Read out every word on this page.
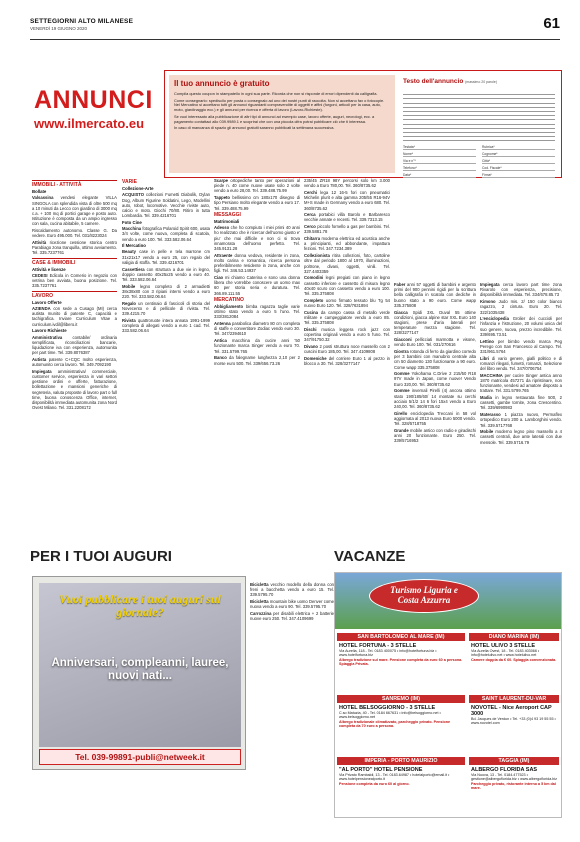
SETTEGIORNI ALTO MILANESE
VENERDÌ 19 GIUGNO 2020	61
ANNUNCI
www.ilmercato.eu
Il tuo annuncio è gratuito

Compila questo coupon in stampatello in ogni sua parte. Ricorda che non si risponde di errori dipendenti da calligrafia.

Come consegnarlo: spediscilo per posta o consegnalo ad uno dei nostri punti di raccolta. Non si accettano fax o fotocopie. Nel Mercatino si accettano tutti gli annunci riguardanti compravendite di oggetti e affini (furgoni, articoli per la casa, auto, moto, giardinaggio ecc.) e gli annunci per ricerca e offerta di lavoro (Lavoro-Richieste).

Se vuoi interessato alla pubblicazione di altri tipi di annunci ad esempio case, lavoro offerte, auguri, necrologi, ecc. a pagamento contattaci allo 039.9989.1 e scoprirai che con una piccola cifra potrai pubblicare ciò che ti interessa.

In caso di mancanza di spazio gli annunci gratuiti saranno pubblicati la settimana successiva.

Testo dell'annuncio (massimo 20 parole)
Testata*	Rubrica*
Nome*	Cognome*
Via e n°*	Città*
Telefono*	Cod. Fiscale*
Data*	Firma*
IMMOBILI - ATTIVITÀ
Bollate
Valsassina vendesi elegante VILLA SINGOLA con splendida vista di oltre 500 mq a 10 minuti da Lecco con giardino di 3000 mq c.a. + 100 mq di portici garage e posto auto. Istituzione è composta da un ampio ingresso con sala, cucina abitabile, 5 camere.
Riscaldamento autonomo. Classe G. Da vedere. Euro 495.000. Tel. 031/8223024
Attività ricezione cessione storica centro Parabiago zona tranquilla, ottimo avviamento. Tel. 335.7237761
CASE & IMMOBILI
Attività e licenze
CEDESI Edicola in Comerio in negozio con vetrina ben avviata, buona posizione. Tel. 335.7237761
LAVORO
Lavoro Offerte
AZIENDA con sede a Cusago (MI) cerca autista munito di patente C, capacità e tachigrafica. Inviare Curriculum Vitae a curriculum.ivdil@libero.it
Lavoro Richieste
Amministrativa contabile/ ordinaria semplificata, riconciliazioni bancarie, liquidazione iva con esperienza, automunita per part time. Tel. 339.8076387
Autista patente C+CQC molto esperienza, automunito cerca lavoro. Tel. 349.7092190
Impiegata amministrativa/ commerciale, customer service, esperienza in vari settori gestione ordini e offerte, fatturazione, bollettazione e mansioni generiche di segreteria, valuta proposte di lavoro part o full time, buona conoscenza Office, internet, disponibilità immediata automunita zona Nord Ovest Milano. Tel. 331.2208172
VARIE
Collezione-Arte
ACQUISTO collezioni Fumetti Diabolik, Dylan Dog, Album Figurine Soldatini, Lego, Modellini auto, robot, locomotive. Vecchie riviste auto, calcio e moto. Giochi 70/80. Ritiro in tutta Lombardia. Tel. 339.4216701
Foto Cine
Macchina fotografica Polaroid Spirit 600, usata 3/4 volte, come nuova, completa di scatola, vendo a euro 100. Tel. 333.582.06.64
Il Mercatino
Beauty case in pelle e tela marrone cm 31x21x17 vendo a euro 25, con regalo del valigia di stoffa. Tel. 339.4216701
Cassettiera con struttura a due vie in legno, doppio cassetto 40x25x25 vendo a euro 40. Tel. 333.582.06.64
Mobile legno completo di 2 armadietti 38x38x80 con 3 ripiani interni vendo a euro 220. Tel. 333.582.06.64
Regalo un centinaio di fascicoli di storia del Novecento e di pellicole di rivista. Tel. 339.4215.70
Rivista quattroruote intera annata 1991-1999 completa di allegati vendo a euro 1 cad. Tel. 333.582.06.64
Scarpe ortopediche tanto per operazioni al piede n. 40 come nuove usate solo 2 volte vendo a euro 28,00. Tel. 339.488.75.99
Tappeto bellissimo cm 180x170 disegno di tipo Persiano molto elegante vendo a euro 17. Tel. 339.488.75.99
MESSAGGI
Matrimoniali
Adesso che ho compiuto i miei primi 40 anni ho realizzato che è ricercar dell'uomo giusto e' piu' che mai difficile e non ci si trova innamorata dell'uomo perfetto. Tel. 345.9131.28
Attraente donna vedova, residente in zona, molto carina e romantica, ricerca persona preferibilmente residente in zona, anche con figli. Tel. 346.53.14937
Ciao mi chiamo Caterina e sono una donna libera che vorrebbe conoscere un uomo max 60 per storia seria e duratura. Tel. 366.89.111.55
MERCATINO
Abbigliamento bimba ragazza taglie varie ottimo stato vendo a euro 5 l'uno. Tel. 333/3812084
Antenna parabolica diametro 80 cm completa di staffe e convertitore Zodiac vendo euro 30. Tel. 347/2394610
Antica macchina da cucire anni '50 funzionante marca Singer vendo a euro 70. Tel. 331.5799.765
Banco da falegname lunghezza 2,10 per 2 morse euro 500. Tel. 339/656.73.26
Bicicletta vecchio modello della donna con freni a bacchetta vendo a euro 15. Tel. 339.5795.70
Bicicletta mountain bike uomo Denver come nuova vendo a euro 90. Tel. 339.5795.70
Carrozzina per disabili elettrica + 2 batterie nuove euro 250. Tel. 347.4109699
235/45 ZR18 98Y percorsi solo km 3.000 vendo a Euro 780,00. Tel. 360/8735.62
Cerchi lega 12 16-5 fori con pneumatici Michelin plurit e alta gamma 205/55 R16-94V M+S made in Germany vendo a euro 680. Tel. 360/8735.62
Cerca portabici villa Barolo e Barbaresco vecchie annate e recenti. Tel. 339.7313.15
Cerco piccolo fornello a gas per bambini. Tel. 339.5881.78
Chitarra moderna elettrica ed acustica anche a principianti, ed abbondante, impattura fezioni. Tel. 347.7234.389
Collezionista ritira collezioni, foto, cartoline oltre dal periodo 1800 al 1970, illuminazioni, poltrone, divani, oggetti, vinili. Tel. 327.4403359
Comodini legni pregiati con piano in legno cassetto inferiore e cassetto di misura legno 40x40 scuro con cassetto vendo a euro 100. Tel. 335.375808
Completo uomo firmato tessuto blu Tg 54 nuovo Euro 120. Tel. 328/7631894
Cucina da campo cassa di metallo verde militare e campeggiatore vendo a euro 85. Tel. 335.375808
Dischi musica leggera rock jazz con copertina originali vendo a euro 5 l'uno. Tel. 347/91750.32
Divano 2 posti struttura noce massello con 2 cuscini Euro 185,00. Tel. 347.4109808
Domeniche del corriere Euro 1 al pezzo in blocco a 30. Tel. 328/3277147
Faber anni 57 oggetti di bambini e argento primi del 900 pennini rigidi per la scrittura bella calligrafia in scatola con dediche in buono stato a 90 euro. Come wapp 335.375808
Giacca Spidi 3XL Duval 55 ottime condizioni, giacca alpine star XXL Euro 140 stagioni, prese d'aria laterali per temperature mezza stagione. Tel. 328/3277147
Giacconi pellicciati marmotta e visone, vendo Euro 100. Tel. 031/270616
Giostra rotonda di ferro da giardino corredo per 3 bambini con manubrio centrale alta cm 50 diametro 130 funzionante a 90 euro. Come wapp 335.375808
Gomme Yokohama C.Drive 2 215/50 R18 97V made in Japan, come nuove! Vendo Euro 320,00. Tel. 360/8735.62
Gomme invernali Pirelli (4) ancora ottimo stato 190/185/60/ 14 montate su cerchi acciaio 5/1/2 14 6 fori 15x4 vendo a Euro 240,00. Tel. 360/8735.62
Girello enciclopedia Treccani in 58 vol aggiornata al 2013 nuova Euro 5000 vendo. Tel. 328/5718755
Grande mobile antico con radio e giradischi anni 20 funzionante. Euro 250. Tel. 339/5716953
Impiegata cerca lavoro part time zona Rivarolo con esperienza, precisione, disponibilità immediata. Tel. 334/678.85.73
Kimono Judo mis. 2/ 150 color bianco ragazzo, 2 cintura. Euro 20. Tel. 322/1035438
L'enciclopedia Grolier dei cuccioli per l'infanzia e l'istruzione, 20 volumi unica del suo genere, nuova, prezzo incredibile. Tel. 339/695.73.51
Lettino per bimbo vendo marca Peg Perego con San Francesco al Campo. Tel. 331/961.5764
Libri di vario genere, gialli politico e di romanzi rilegati, fumetti, romanzi, Selezione del libro vendo. Tel. 347/0706754
MACCHINA per cucire Singer antica anno 1870 matricola 457271 da ripristinare, non funzionante, vendesi ad amatore disposto a trattare. Tel. 331.5799.765
Madia in legno restaurata fine 500, 2 cassetti, gambe tornite, zona Crescentino. Tel. 339/6990983
Materasso 1 piazza nuovo, Permaflex ortopedico Euro 200 a. Lamborghini vendo. Tel. 339.5717768
Mobile moderno legno pino massello a 4 cassetti centrali, due ante laterali con due mensole. Tel. 339.5716.79
PER I TUOI AUGURI	VACANZE
Vuoi pubblicare i tuoi auguri sul giornale?
Anniversari, compleanni, lauree, nuovi nati...
Tel. 039-99891-publi@netweek.it
Turismo Liguria e
Costa Azzurra
SAN BARTOLOMEO AL MARE (IM)	DIANO MARINA (IM)
HOTEL FORTUNA - 3 STELLE
Via Aurelia, 118 - Tel. 0183 400075 • info@hotelfortuna.biz • www.hotelfortuna.biz
Albergo tradizione sul mare. Pensione completa da euro 60 a persona. Spiaggia Privata.
HOTEL ULIVO 3 STELLE
Via Aurelia Ovest, 18 - Tel. 0183 403066 • info@hotelulivo.net • www.hotelulivo.net
Camere doppia da € 60. Spiaggia convenzionata.
SANREMO (IM)	SAINT LAURENT-DU-VAR
HOTEL BELSOGGIORNO - 3 STELLE
C.so Matuzia, 40 - Tel. 0184 667631 • info@belsoggiorno.net • www.belsoggiorno.net
Albergo tradizionale climatizzato, parcheggio privato. Pensione completa da 70 euro a persona.
NOVOTEL - Nice Aeroport CAP 3000
Bd. Jacques de Verdun • Tel. +33 (0)4 93 19 55 55 • www.novotel.com
IMPERIA - PORTO MAURIZIO	TAGGIA (IM)
"AL PORTO" HOTEL PENSIONE
Via Privato Rambaldi, 13 - Tel. 0183.64987 • hotelalporto@email.it • www.hotelpensionealporto.it
Pensione completa da euro 60 al giorno.
ALBERGO FLORIDA SAS
Via Nuova, 13 - Tel. 0184.477523 • gestione@albergoflorida.biz • www.albergoflorida.biz
Parcheggio privato, ristorante interno a 5 km dal mare.
